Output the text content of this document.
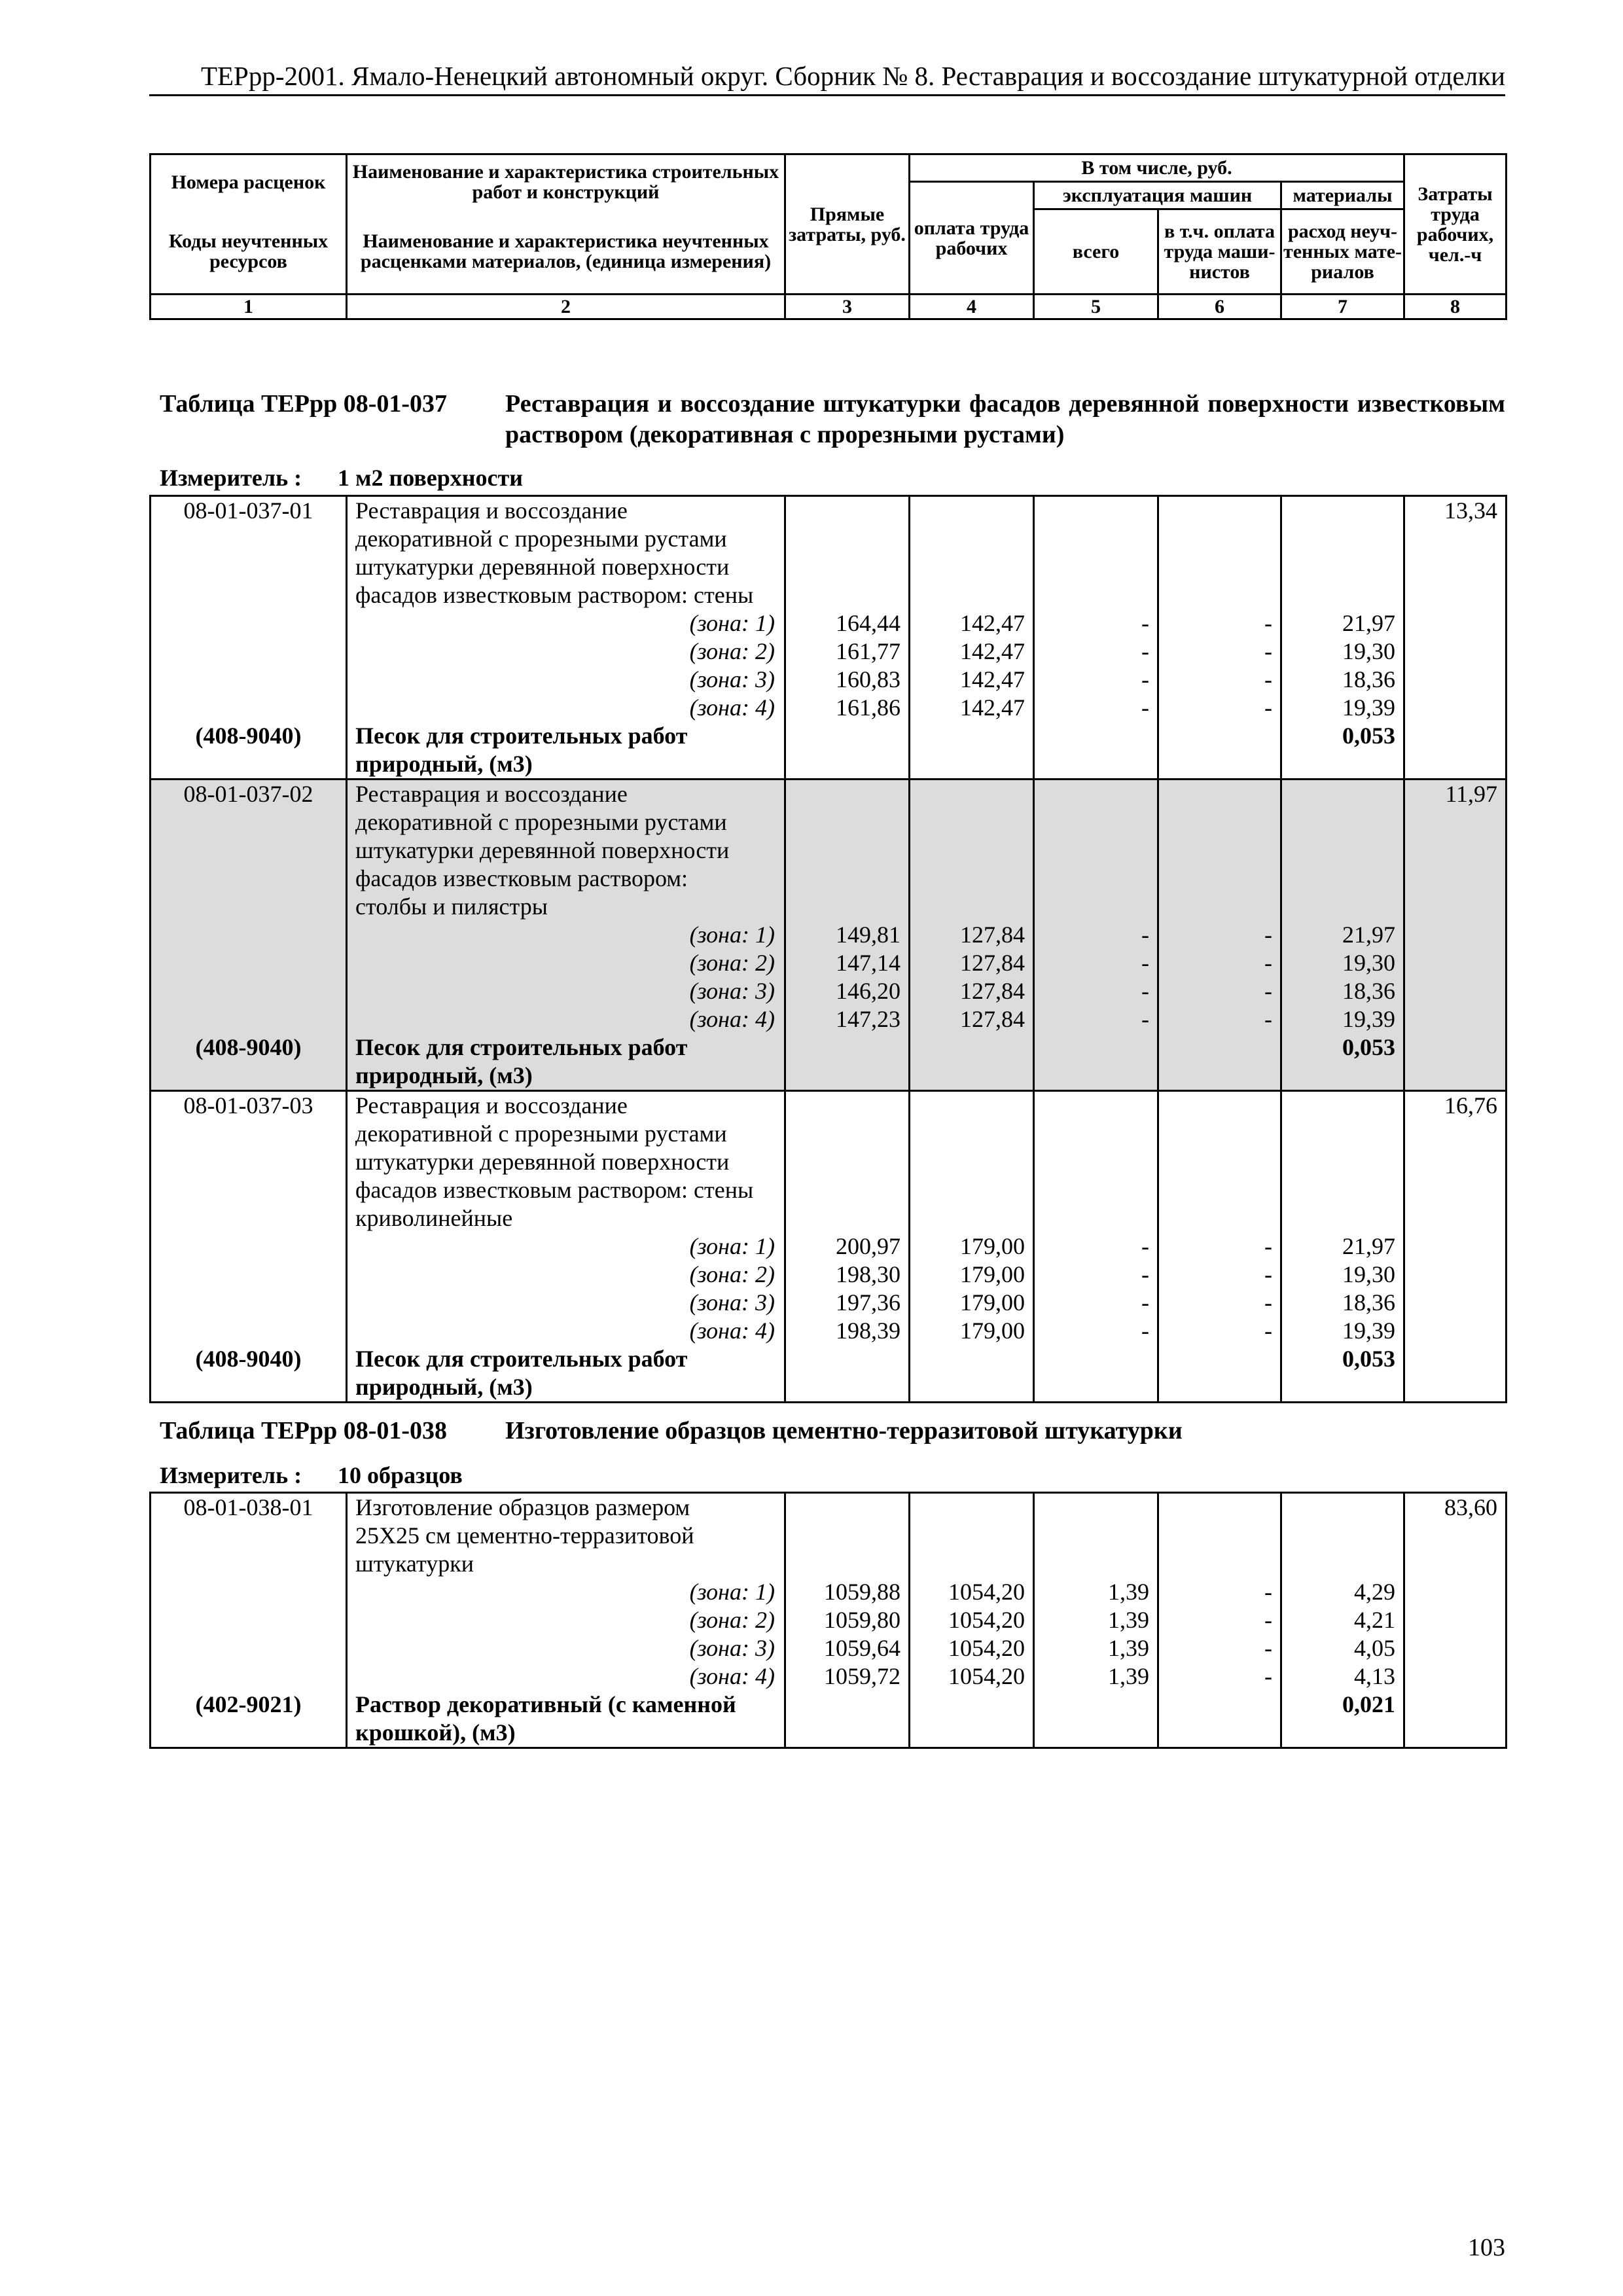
ТЕРрр-2001. Ямало-Ненецкий автономный округ. Сборник № 8. Реставрация и воссоздание штукатурной отделки
Номера расценок	Наименование и характеристика строительных работ и конструкций	Прямые затраты, руб.	В том числе, руб.				Затраты труда рабочих, чел.-ч
			оплата труда рабочих	эксплуатация машин		материалы	
Коды неучтенных ресурсов	Наименование и характеристика неучтенных расценками материалов, (единица измерения)			всего	в т.ч. оплата труда маши-нистов	расход неуч-тенных мате-риалов	

1	2	3	4	5	6	7	8
Таблица ТЕРрр 08-01-037 Реставрация и воссоздание штукатурки фасадов деревянной поверхности известковым раствором (декоративная с прорезными рустами)
Измеритель : 1 м2 поверхности
08-01-037-01	Реставрация и воссоздание
декоративной с прорезными рустами
штукатурки деревянной поверхности
фасадов известковым раствором: стены						13,34
	(зона: 1)	164,44	142,47	-	-	21,97	
	(зона: 2)	161,77	142,47	-	-	19,30	
	(зона: 3)	160,83	142,47	-	-	18,36	
	(зона: 4)	161,86	142,47	-	-	19,39	
(408-9040)	Песок для строительных работ
природный, (м3)					0,053	
08-01-037-02	Реставрация и воссоздание
декоративной с прорезными рустами
штукатурки деревянной поверхности
фасадов известковым раствором:
столбы и пилястры						11,97
	(зона: 1)	149,81	127,84	-	-	21,97	
	(зона: 2)	147,14	127,84	-	-	19,30	
	(зона: 3)	146,20	127,84	-	-	18,36	
	(зона: 4)	147,23	127,84	-	-	19,39	
(408-9040)	Песок для строительных работ
природный, (м3)					0,053	
08-01-037-03	Реставрация и воссоздание
декоративной с прорезными рустами
штукатурки деревянной поверхности
фасадов известковым раствором: стены
криволинейные						16,76
	(зона: 1)	200,97	179,00	-	-	21,97	
	(зона: 2)	198,30	179,00	-	-	19,30	
	(зона: 3)	197,36	179,00	-	-	18,36	
	(зона: 4)	198,39	179,00	-	-	19,39	
(408-9040)	Песок для строительных работ
природный, (м3)					0,053	
Таблица ТЕРрр 08-01-038 Изготовление образцов цементно-терразитовой штукатурки
Измеритель : 10 образцов
08-01-038-01	Изготовление образцов размером
25Х25 см цементно-терразитовой
штукатурки						83,60
	(зона: 1)	1059,88	1054,20	1,39	-	4,29	
	(зона: 2)	1059,80	1054,20	1,39	-	4,21	
	(зона: 3)	1059,64	1054,20	1,39	-	4,05	
	(зона: 4)	1059,72	1054,20	1,39	-	4,13	
(402-9021)	Раствор декоративный (с каменной
крошкой), (м3)					0,021	
103
